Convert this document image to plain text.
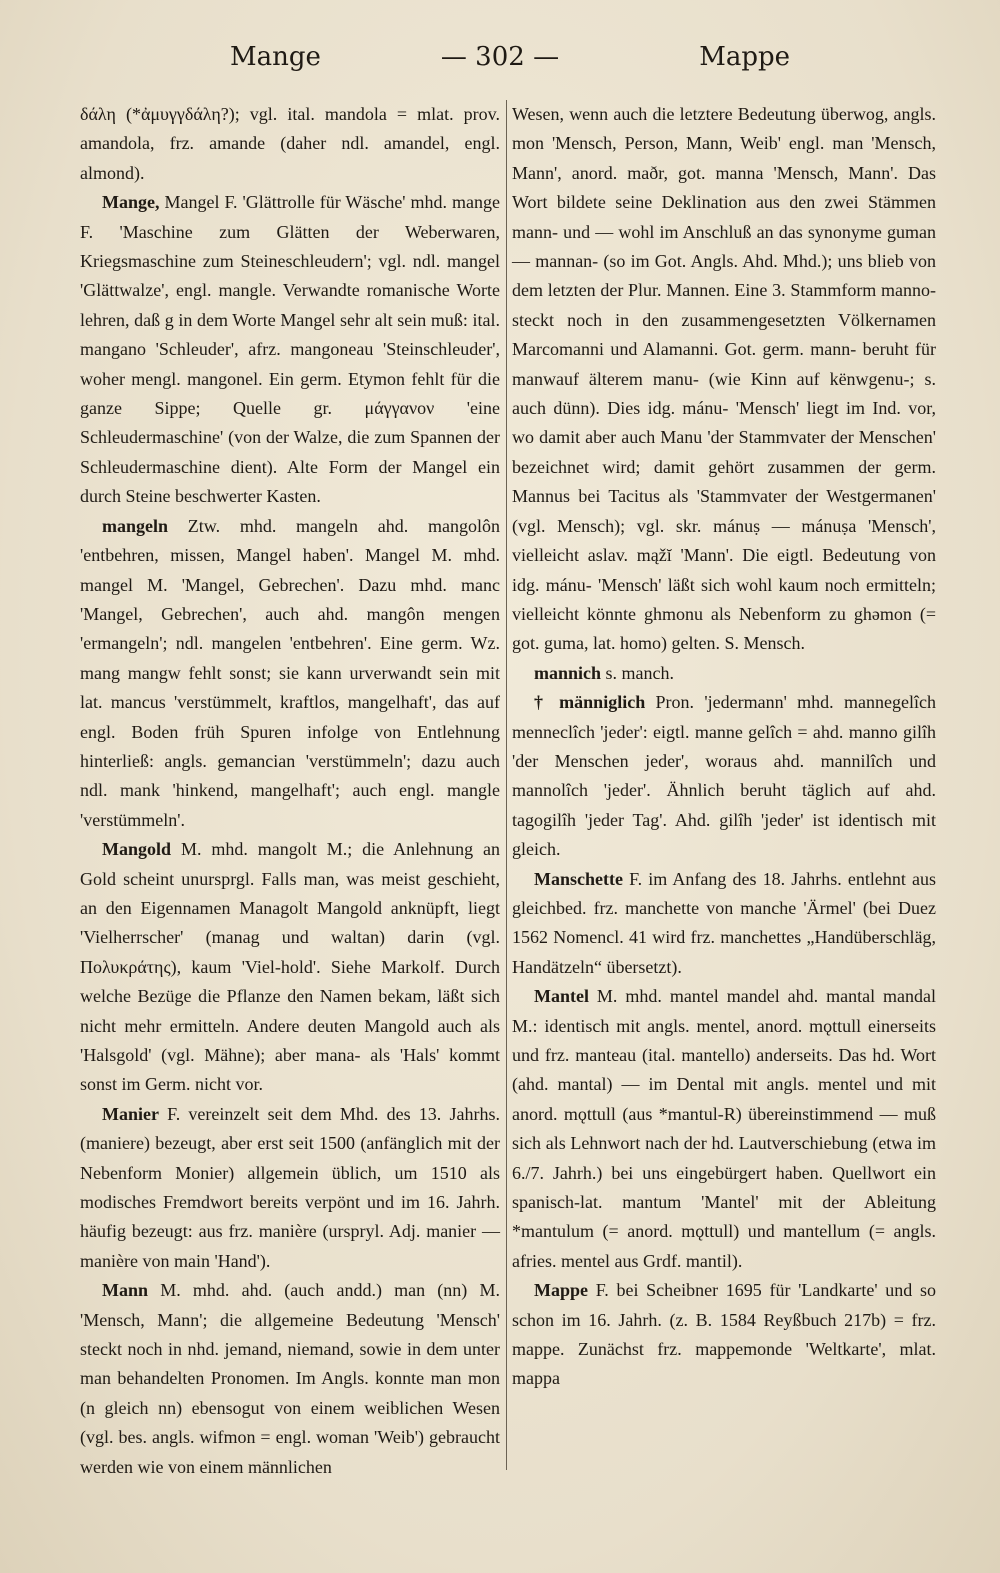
Mange	— 302 —	Mappe

δάλη (*ἀμυγγδάλη?); vgl. ital. mandola = mlat. prov. amandola, frz. amande (daher ndl. amandel, engl. almond).

Mange, Mangel F. 'Glättrolle für Wäsche' mhd. mange F. 'Maschine zum Glätten der Weberwaren, Kriegsmaschine zum Steineschleudern'; vgl. ndl. mangel 'Glättwalze', engl. mangle. Verwandte romanische Worte lehren, daß g in dem Worte Mangel sehr alt sein muß: ital. mangano 'Schleuder', afrz. mangoneau 'Steinschleuder', woher mengl. mangonel. Ein germ. Etymon fehlt für die ganze Sippe; Quelle gr. μάγγανον 'eine Schleudermaschine' (von der Walze, die zum Spannen der Schleudermaschine dient). Alte Form der Mangel ein durch Steine beschwerter Kasten.

mangeln Ztw. mhd. mangeln ahd. mangolôn 'entbehren, missen, Mangel haben'. Mangel M. mhd. mangel M. 'Mangel, Gebrechen'. Dazu mhd. manc 'Mangel, Gebrechen', auch ahd. mangôn mengen 'ermangeln'; ndl. mangelen 'entbehren'. Eine germ. Wz. mang mangw fehlt sonst; sie kann urverwandt sein mit lat. mancus 'verstümmelt, kraftlos, mangelhaft', das auf engl. Boden früh Spuren infolge von Entlehnung hinterließ: angls. gemancian 'verstümmeln'; dazu auch ndl. mank 'hinkend, mangelhaft'; auch engl. mangle 'verstümmeln'.

Mangold M. mhd. mangolt M.; die Anlehnung an Gold scheint unursprgl. Falls man, was meist geschieht, an den Eigennamen Managolt Mangold anknüpft, liegt 'Vielherrscher' (manag und waltan) darin (vgl. Πολυκράτης), kaum 'Viel-hold'. Siehe Markolf. Durch welche Bezüge die Pflanze den Namen bekam, läßt sich nicht mehr ermitteln. Andere deuten Mangold auch als 'Halsgold' (vgl. Mähne); aber mana- als 'Hals' kommt sonst im Germ. nicht vor.

Manier F. vereinzelt seit dem Mhd. des 13. Jahrhs. (maniere) bezeugt, aber erst seit 1500 (anfänglich mit der Nebenform Monier) allgemein üblich, um 1510 als modisches Fremdwort bereits verpönt und im 16. Jahrh. häufig bezeugt: aus frz. manière (urspryl. Adj. manier — manière von main 'Hand').

Mann M. mhd. ahd. (auch andd.) man (nn) M. 'Mensch, Mann'; die allgemeine Bedeutung 'Mensch' steckt noch in nhd. jemand, niemand, sowie in dem unter man behandelten Pronomen. Im Angls. konnte man mon (n gleich nn) ebensogut von einem weiblichen Wesen (vgl. bes. angls. wifmon = engl. woman 'Weib') gebraucht werden wie von einem männlichen

Wesen, wenn auch die letztere Bedeutung überwog, angls. mon 'Mensch, Person, Mann, Weib' engl. man 'Mensch, Mann', anord. maðr, got. manna 'Mensch, Mann'. Das Wort bildete seine Deklination aus den zwei Stämmen mann- und — wohl im Anschluß an das synonyme guman — mannan- (so im Got. Angls. Ahd. Mhd.); uns blieb von dem letzten der Plur. Mannen. Eine 3. Stammform manno- steckt noch in den zusammengesetzten Völkernamen Marcomanni und Alamanni. Got. germ. mann- beruht für manwauf älterem manu- (wie Kinn auf kënwgenu-; s. auch dünn). Dies idg. mánu- 'Mensch' liegt im Ind. vor, wo damit aber auch Manu 'der Stammvater der Menschen' bezeichnet wird; damit gehört zusammen der germ. Mannus bei Tacitus als 'Stammvater der Westgermanen' (vgl. Mensch); vgl. skr. mánuṣ — mánuṣa 'Mensch', vielleicht aslav. mąžĭ 'Mann'. Die eigtl. Bedeutung von idg. mánu- 'Mensch' läßt sich wohl kaum noch ermitteln; vielleicht könnte ghmonu als Nebenform zu ghəmon (= got. guma, lat. homo) gelten. S. Mensch.

mannich s. manch.

† männiglich Pron. 'jedermann' mhd. mannegelîch menneclîch 'jeder': eigtl. manne gelîch = ahd. manno gilîh 'der Menschen jeder', woraus ahd. mannilîch und mannolîch 'jeder'. Ähnlich beruht täglich auf ahd. tagogilîh 'jeder Tag'. Ahd. gilîh 'jeder' ist identisch mit gleich.

Manschette F. im Anfang des 18. Jahrhs. entlehnt aus gleichbed. frz. manchette von manche 'Ärmel' (bei Duez 1562 Nomencl. 41 wird frz. manchettes „Handüberschläg, Handätzeln“ übersetzt).

Mantel M. mhd. mantel mandel ahd. mantal mandal M.: identisch mit angls. mentel, anord. mǫttull einerseits und frz. manteau (ital. mantello) anderseits. Das hd. Wort (ahd. mantal) — im Dental mit angls. mentel und mit anord. mǫttull (aus *mantul-R) übereinstimmend — muß sich als Lehnwort nach der hd. Lautverschiebung (etwa im 6./7. Jahrh.) bei uns eingebürgert haben. Quellwort ein spanisch-lat. mantum 'Mantel' mit der Ableitung *mantulum (= anord. mǫttull) und mantellum (= angls. afries. mentel aus Grdf. mantil).

Mappe F. bei Scheibner 1695 für 'Landkarte' und so schon im 16. Jahrh. (z. B. 1584 Reyßbuch 217b) = frz. mappe. Zunächst frz. mappemonde 'Weltkarte', mlat. mappa
